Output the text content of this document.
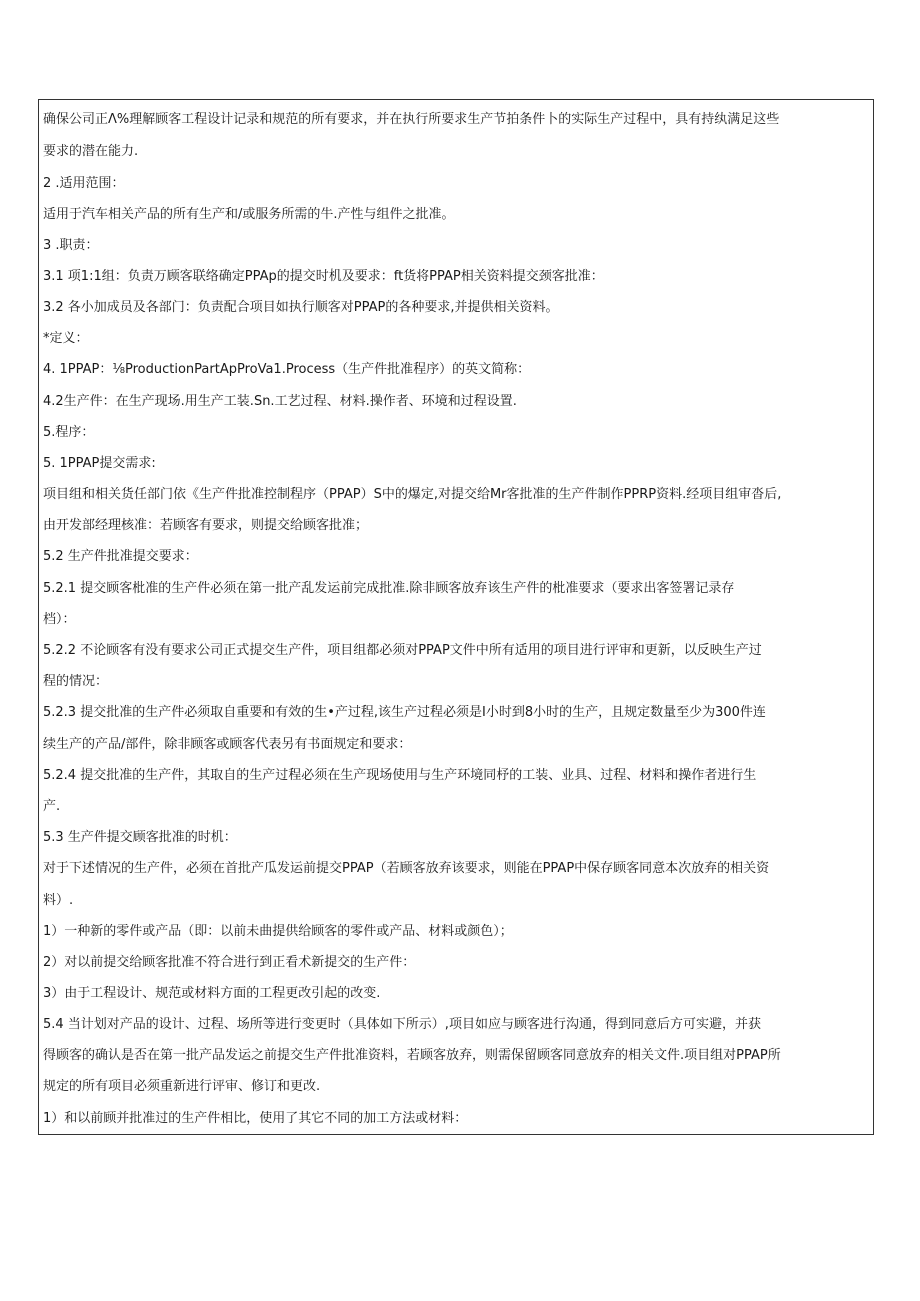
确保公司正Λ%理解顾客工程设计记录和规范的所有要求，并在执行所要求生产节拍条件卜的实际生产过程中，具有持纨满足这些
要求的潜在能力.
2 .适用范围：
适用于汽车相关产品的所有生产和/或服务所需的牛.产性与组件之批准。
3 .职责：
3.1 项1:1组：负责万顾客联络确定PPAp的提交时机及要求：ft货将PPAP相关资料提交颈客批准：
3.2 各小加成员及各部门：负责配合项目如执行顺客对PPAP的各种要求,并提供相关资料。
*定义：
4. 1PPAP：⅛ProductionPartApProVa1.Process（生产件批准程序）的英文简称：
4.2生产件：在生产现场.用生产工装.Sn.工艺过程、材料.操作者、环境和过程设置.
5.程序：
5. 1PPAP提交需求:
项目组和相关货任部门依《生产件批准控制程序（PPAP）S中的爆定,对提交给Mr客批准的生产件制作PPRP资料.经项目组审沓后,
由开发部经理核准：若顾客有要求，则提交给顾客批准；
5.2 生产件批准提交要求：
5.2.1 提交顾客枇准的生产件必须在第一批产乱发运前完成批准.除非顾客放弃该生产件的枇准要求（要求出客签署记录存
档）：
5.2.2 不论顾客有没有要求公司正式提交生产件，项目组都必须对PPAP文件中所有适用的项目进行评审和更新，以反映生产过
程的情况：
5.2.3 提交批准的生产件必须取自重要和有效的生•产过程,该生产过程必须是I小时到8小时的生产，且规定数量至少为300件连
续生产的产品/部件，除非顾客或顾客代表另有书面规定和要求：
5.2.4 提交批准的生产件，其取自的生产过程必须在生产现场使用与生产环境同杼的工装、业具、过程、材料和操作者进行生
产.
5.3 生产件提交顾客批准的时机：
对于下述情况的生产件，必须在首批产瓜发运前提交PPAP（若顾客放弃该要求，则能在PPAP中保存顾客同意本次放弃的相关资
料）.
1）一种新的零件或产品（即：以前未曲提供给顾客的零件或产品、材料或颜色）；
2）对以前提交给顾客批准不符合进行到正看术新提交的生产件：
3）由于工程设计、规范或材料方面的工程更改引起的改变.
5.4 当计划对产品的设计、过程、场所等进行变更时（具体如下所示）,项目如应与顾客进行沟通，得到同意后方可实避，并获
得顾客的确认是否在第一批产品发运之前提交生产件批准资料，若顾客放弃，则需保留顾客同意放弃的相关文件.项目组对PPAP所
规定的所有项目必须重新进行评审、修订和更改.
1）和以前顾并批准过的生产件相比，使用了其它不同的加工方法或材料：
